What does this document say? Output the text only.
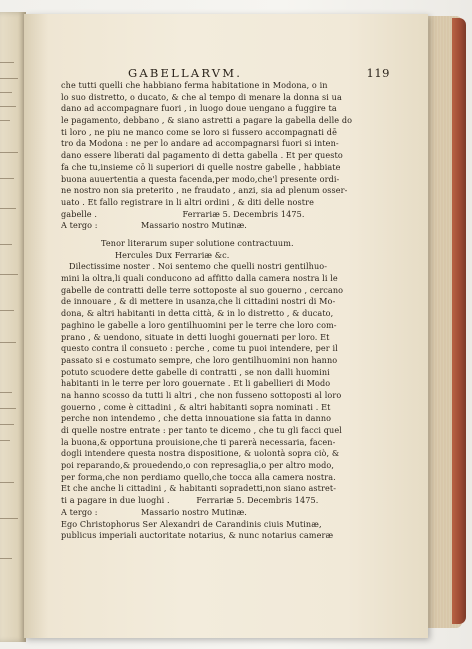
GABELLARVM.	119
che tutti quelli che habbiano ferma habitatione in Modona, o in
lo suo distretto, o ducato, & che al tempo di menare la donna si ua
dano ad accompagnare fuori , in luogo doue uengano a fuggire ta
le pagamento, debbano , & siano astretti a pagare la gabella delle do
ti loro , ne piu ne manco come se loro si fussero accompagnati dē
tro da Modona : ne per lo andare ad accompagnarsi fuori si inten-
dano essere liberati dal pagamento di detta gabella . Et per questo
fa che tu,insieme cō li superiori di quelle nostre gabelle , habbiate
buona auuertentia a questa facenda,per modo,che'l presente ordi-
ne nostro non sia preterito , ne fraudato , anzi, sia ad plenum osser-
uato . Et fallo registrare in li altri ordini , & diti delle nostre
gabelle .                                Ferrariæ 5. Decembris 1475.
A tergo :	Massario nostro Mutinæ.
Tenor literarum super solutione contractuum.
Hercules Dux Ferrariæ &c.
Dilectissime noster . Noi sentemo che quelli nostri gentilhuo-
mini la oltra,li quali conducono ad affitto dalla camera nostra li le
gabelle de contratti delle terre sottoposte al suo gouerno , cercano
de innouare , & di mettere in usanza,che li cittadini nostri di Mo-
dona, & altri habitanti in detta città, & in lo distretto , & ducato,
paghino le gabelle a loro gentilhuomini per le terre che loro com-
prano , & uendono, situate in detti luoghi gouernati per loro. Et
questo contra il consueto : perche , come tu puoi intendere, per il
passato si e costumato sempre, che loro gentilhuomini non hanno
potuto scuodere dette gabelle di contratti , se non dalli huomini
habitanti in le terre per loro gouernate . Et li gabellieri di Modo
na hanno scosso da tutti li altri , che non fusseno sottoposti al loro
gouerno , come è cittadini , & altri habitanti sopra nominati . Et
perche non intendemo , che detta innouatione sia fatta in danno
di quelle nostre entrate : per tanto te dicemo , che tu gli facci quel
la buona,& opportuna prouisione,che ti parerà necessaria, facen-
dogli intendere questa nostra dispositione, & uolontà sopra ciò, &
poi reparando,& prouedendo,o con represaglia,o per altro modo,
per forma,che non perdiamo quello,che tocca alla camera nostra.
Et che anche li cittadini , & habitanti sopradetti,non siano astret-
ti a pagare in due luoghi .          Ferrariæ 5. Decembris 1475.
A tergo :	Massario nostro Mutinæ.
Ego Christophorus Ser Alexandri de Carandinis ciuis Mutinæ,
publicus imperiali auctoritate notarius, & nunc notarius cameræ
